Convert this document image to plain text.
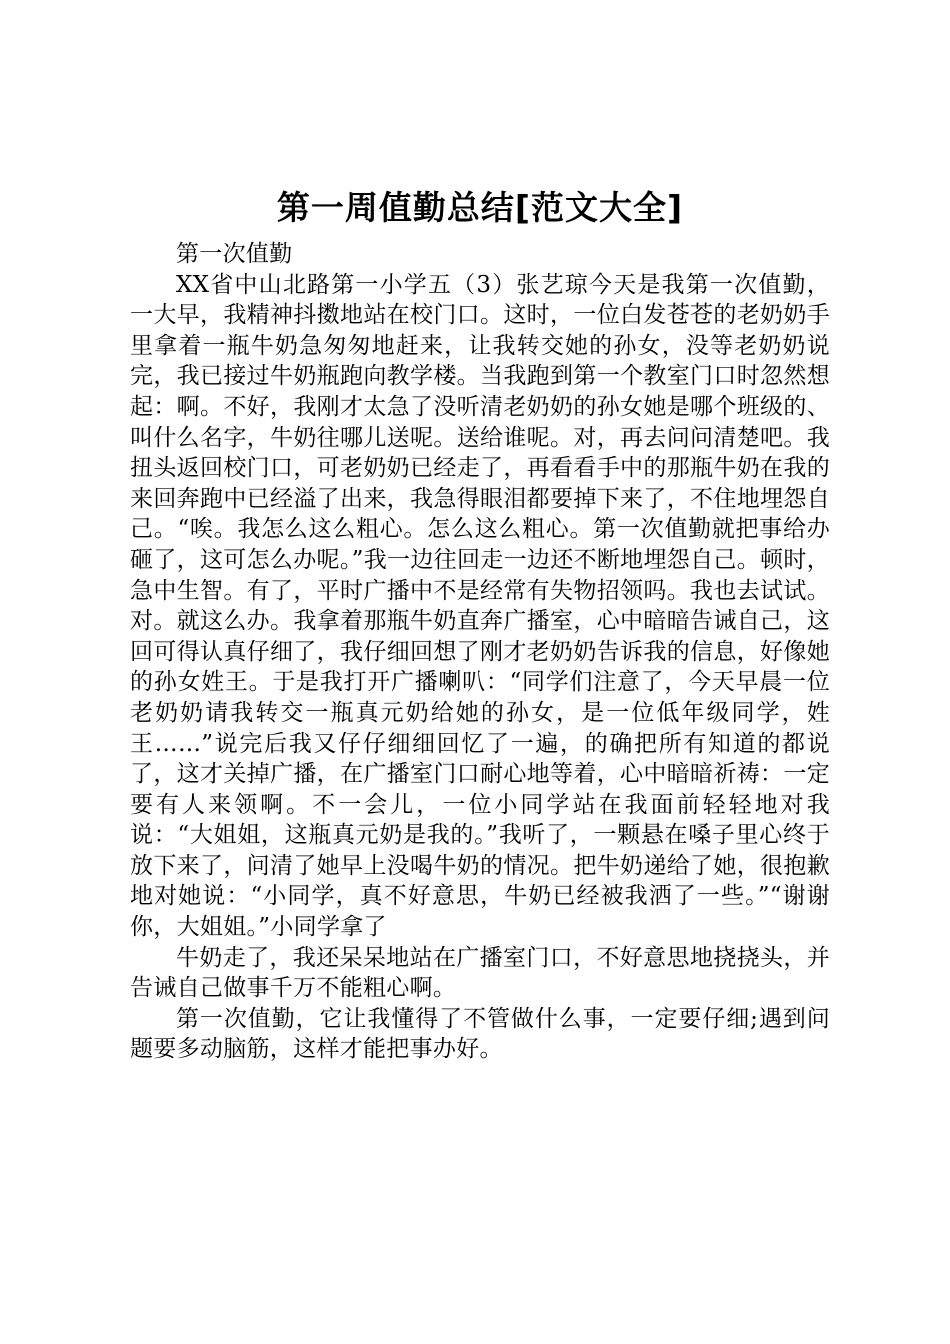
第一周值勤总结[范文大全]

第一次值勤

XX省中山北路第一小学五（3）张艺琼今天是我第一次值勤，一大早，我精神抖擞地站在校门口。这时，一位白发苍苍的老奶奶手里拿着一瓶牛奶急匆匆地赶来，让我转交她的孙女，没等老奶奶说完，我已接过牛奶瓶跑向教学楼。当我跑到第一个教室门口时忽然想起：啊。不好，我刚才太急了没听清老奶奶的孙女她是哪个班级的、叫什么名字，牛奶往哪儿送呢。送给谁呢。对，再去问问清楚吧。我扭头返回校门口，可老奶奶已经走了，再看看手中的那瓶牛奶在我的来回奔跑中已经溢了出来，我急得眼泪都要掉下来了，不住地埋怨自己。“唉。我怎么这么粗心。怎么这么粗心。第一次值勤就把事给办砸了，这可怎么办呢。”我一边往回走一边还不断地埋怨自己。顿时，急中生智。有了，平时广播中不是经常有失物招领吗。我也去试试。对。就这么办。我拿着那瓶牛奶直奔广播室，心中暗暗告诫自己，这回可得认真仔细了，我仔细回想了刚才老奶奶告诉我的信息，好像她的孙女姓王。于是我打开广播喇叭：“同学们注意了，今天早晨一位老奶奶请我转交一瓶真元奶给她的孙女，是一位低年级同学，姓王……”说完后我又仔仔细细回忆了一遍，的确把所有知道的都说了，这才关掉广播，在广播室门口耐心地等着，心中暗暗祈祷：一定要有人来领啊。不一会儿，一位小同学站在我面前轻轻地对我说：“大姐姐，这瓶真元奶是我的。”我听了，一颗悬在嗓子里心终于放下来了，问清了她早上没喝牛奶的情况。把牛奶递给了她，很抱歉地对她说：“小同学，真不好意思，牛奶已经被我洒了一些。”“谢谢你，大姐姐。”小同学拿了

牛奶走了，我还呆呆地站在广播室门口，不好意思地挠挠头，并告诫自己做事千万不能粗心啊。

第一次值勤，它让我懂得了不管做什么事，一定要仔细;遇到问题要多动脑筋，这样才能把事办好。
